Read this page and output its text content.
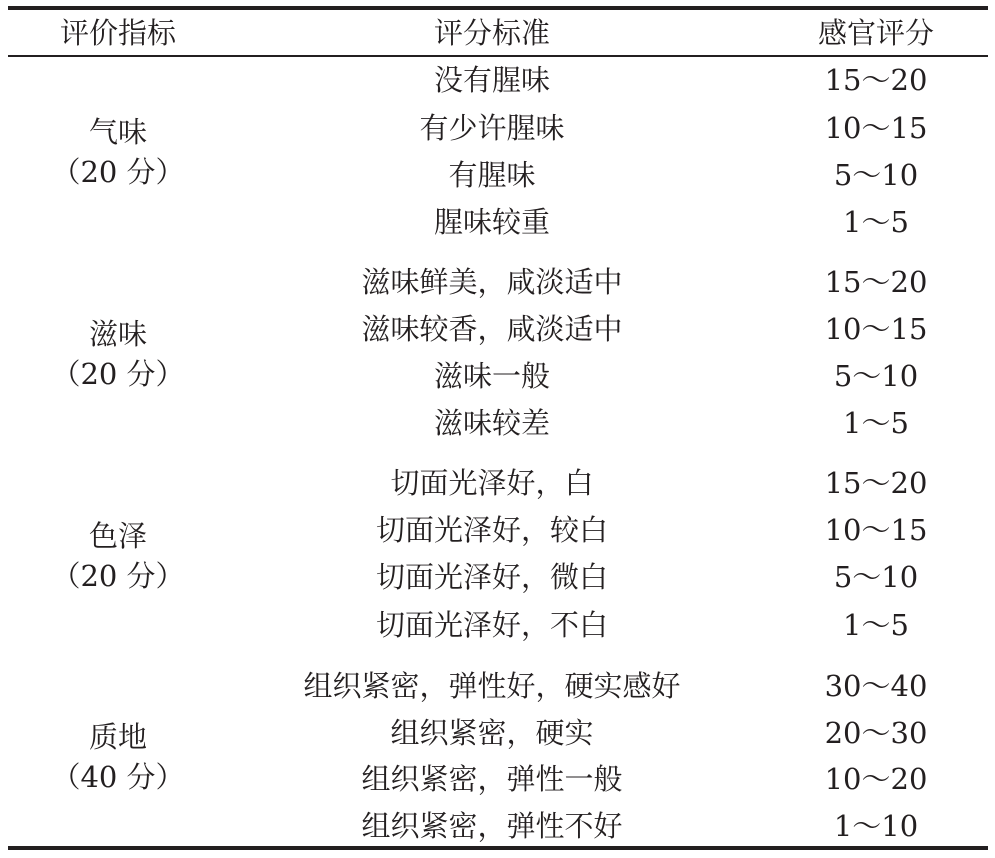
评价指标	评分标准	感官评分
气味
（20 分）
没有腥味	15～20
有少许腥味	10～15
有腥味	5～10
腥味较重	1～5
滋味
（20 分）
滋味鲜美，咸淡适中	15～20
滋味较香，咸淡适中	10～15
滋味一般	5～10
滋味较差	1～5
色泽
（20 分）
切面光泽好，白	15～20
切面光泽好，较白	10～15
切面光泽好，微白	5～10
切面光泽好，不白	1～5
质地
（40 分）
组织紧密，弹性好，硬实感好	30～40
组织紧密，硬实	20～30
组织紧密，弹性一般	10～20
组织紧密，弹性不好	1～10
